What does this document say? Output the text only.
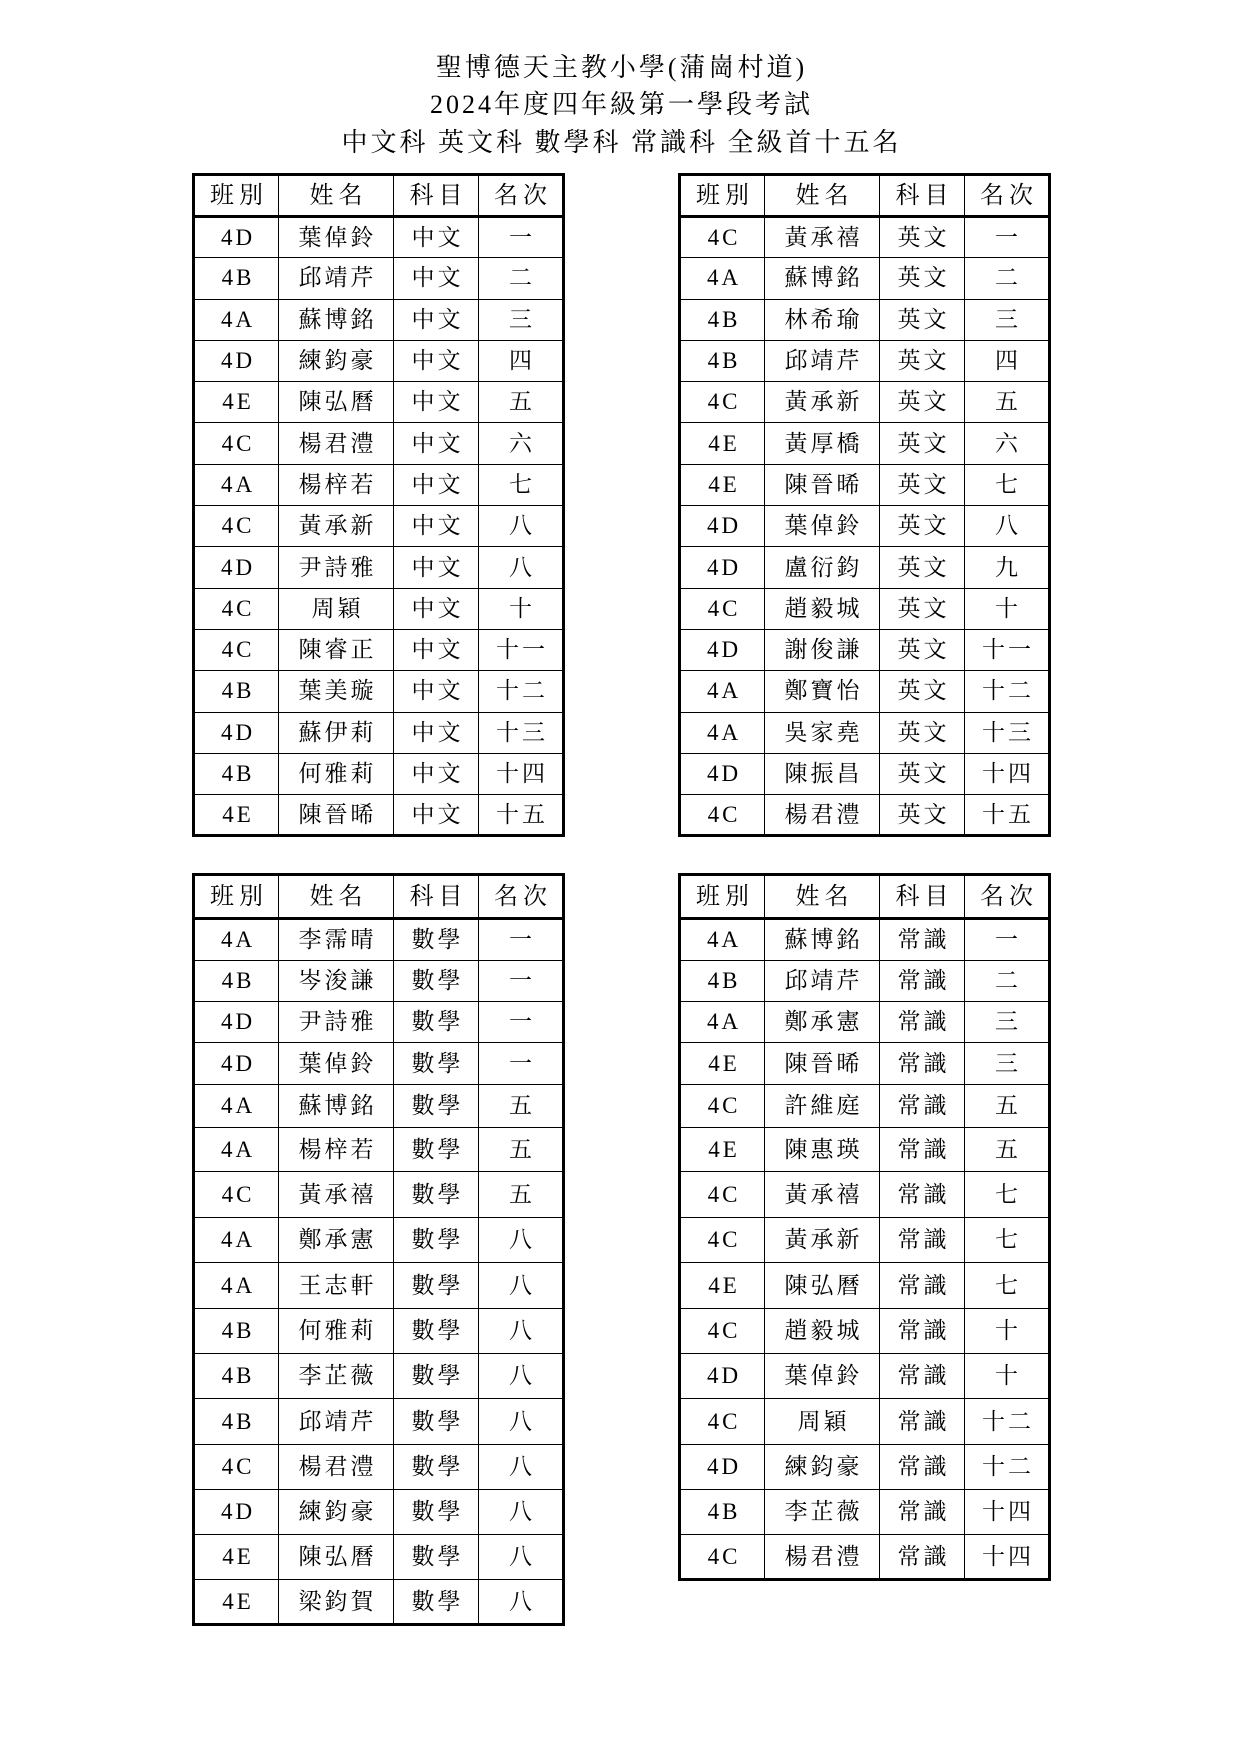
聖博德天主教小學(蒲崗村道)
2024年度四年級第一學段考試
中文科 英文科 數學科 常識科 全級首十五名
班別	姓名	科目	名次
4D	葉倬鈴	中文	一
4B	邱靖芹	中文	二
4A	蘇博銘	中文	三
4D	練鈞豪	中文	四
4E	陳弘曆	中文	五
4C	楊君澧	中文	六
4A	楊梓若	中文	七
4C	黃承新	中文	八
4D	尹詩雅	中文	八
4C	周穎	中文	十
4C	陳睿正	中文	十一
4B	葉美璇	中文	十二
4D	蘇伊莉	中文	十三
4B	何雅莉	中文	十四
4E	陳晉晞	中文	十五
班別	姓名	科目	名次
4C	黃承禧	英文	一
4A	蘇博銘	英文	二
4B	林希瑜	英文	三
4B	邱靖芹	英文	四
4C	黃承新	英文	五
4E	黃厚橋	英文	六
4E	陳晉晞	英文	七
4D	葉倬鈴	英文	八
4D	盧衍鈞	英文	九
4C	趙毅城	英文	十
4D	謝俊謙	英文	十一
4A	鄭寶怡	英文	十二
4A	吳家堯	英文	十三
4D	陳振昌	英文	十四
4C	楊君澧	英文	十五
班別	姓名	科目	名次
4A	李霈晴	數學	一
4B	岑浚謙	數學	一
4D	尹詩雅	數學	一
4D	葉倬鈴	數學	一
4A	蘇博銘	數學	五
4A	楊梓若	數學	五
4C	黃承禧	數學	五
4A	鄭承憲	數學	八
4A	王志軒	數學	八
4B	何雅莉	數學	八
4B	李芷薇	數學	八
4B	邱靖芹	數學	八
4C	楊君澧	數學	八
4D	練鈞豪	數學	八
4E	陳弘曆	數學	八
4E	梁鈞賀	數學	八
班別	姓名	科目	名次
4A	蘇博銘	常識	一
4B	邱靖芹	常識	二
4A	鄭承憲	常識	三
4E	陳晉晞	常識	三
4C	許維庭	常識	五
4E	陳惠瑛	常識	五
4C	黃承禧	常識	七
4C	黃承新	常識	七
4E	陳弘曆	常識	七
4C	趙毅城	常識	十
4D	葉倬鈴	常識	十
4C	周穎	常識	十二
4D	練鈞豪	常識	十二
4B	李芷薇	常識	十四
4C	楊君澧	常識	十四
